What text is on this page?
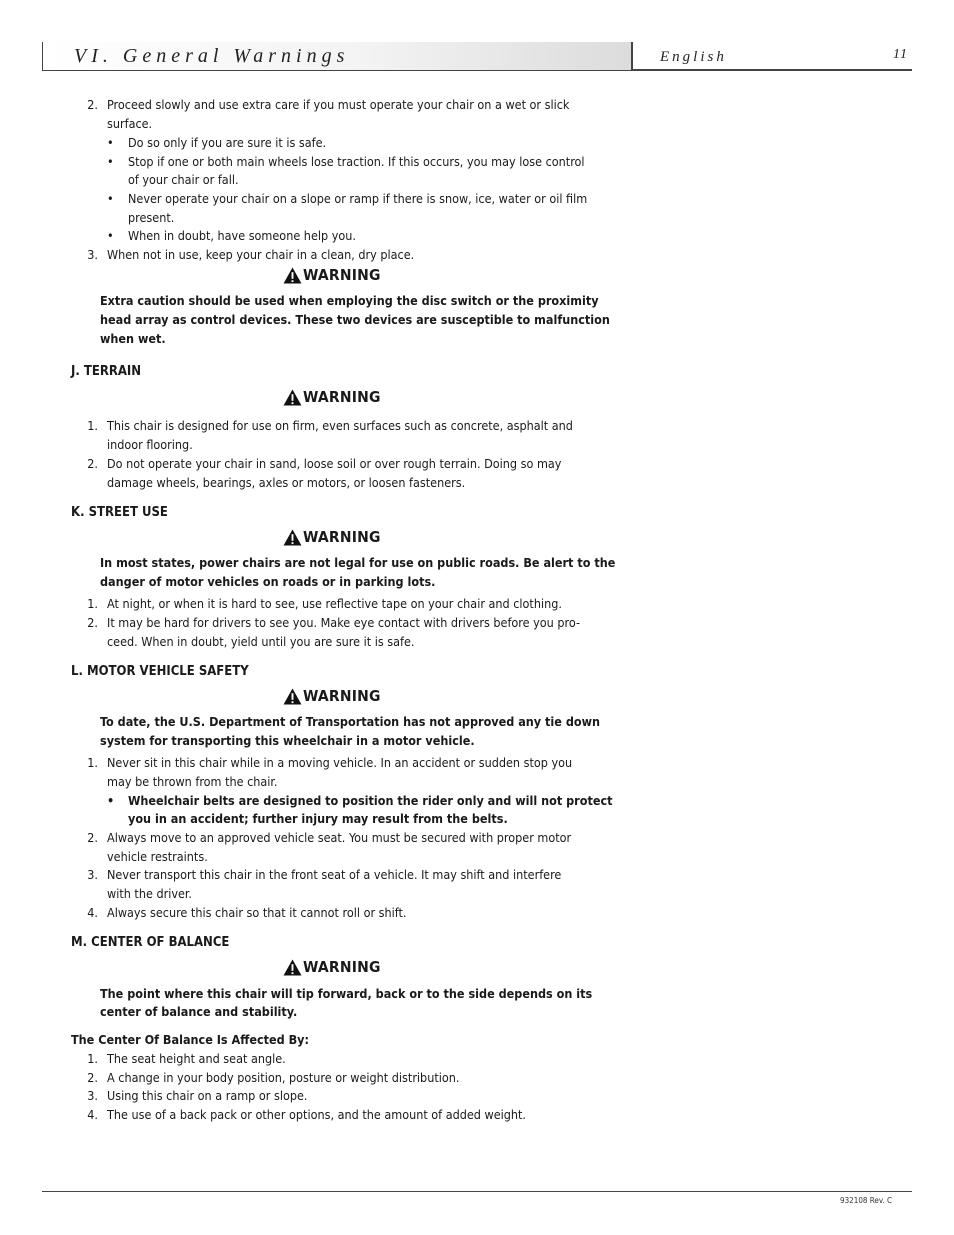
VI. General Warnings	English	11
2. Proceed slowly and use extra care if you must operate your chair on a wet or slick
surface.
• Do so only if you are sure it is safe.
• Stop if one or both main wheels lose traction. If this occurs, you may lose control
of your chair or fall.
• Never operate your chair on a slope or ramp if there is snow, ice, water or oil film
present.
• When in doubt, have someone help you.
3. When not in use, keep your chair in a clean, dry place.
WARNING
Extra caution should be used when employing the disc switch or the proximity
head array as control devices. These two devices are susceptible to malfunction
when wet.
J. TERRAIN
WARNING
1. This chair is designed for use on firm, even surfaces such as concrete, asphalt and
indoor flooring.
2. Do not operate your chair in sand, loose soil or over rough terrain. Doing so may
damage wheels, bearings, axles or motors, or loosen fasteners.
K. STREET USE
WARNING
In most states, power chairs are not legal for use on public roads. Be alert to the
danger of motor vehicles on roads or in parking lots.
1. At night, or when it is hard to see, use reflective tape on your chair and clothing.
2. It may be hard for drivers to see you. Make eye contact with drivers before you pro-
ceed. When in doubt, yield until you are sure it is safe.
L. MOTOR VEHICLE SAFETY
WARNING
To date, the U.S. Department of Transportation has not approved any tie down
system for transporting this wheelchair in a motor vehicle.
1. Never sit in this chair while in a moving vehicle. In an accident or sudden stop you
may be thrown from the chair.
• Wheelchair belts are designed to position the rider only and will not protect
you in an accident; further injury may result from the belts.
2. Always move to an approved vehicle seat. You must be secured with proper motor
vehicle restraints.
3. Never transport this chair in the front seat of a vehicle. It may shift and interfere
with the driver.
4. Always secure this chair so that it cannot roll or shift.
M. CENTER OF BALANCE
WARNING
The point where this chair will tip forward, back or to the side depends on its
center of balance and stability.
The Center Of Balance Is Affected By:
1. The seat height and seat angle.
2. A change in your body position, posture or weight distribution.
3. Using this chair on a ramp or slope.
4. The use of a back pack or other options, and the amount of added weight.
932108 Rev. C
